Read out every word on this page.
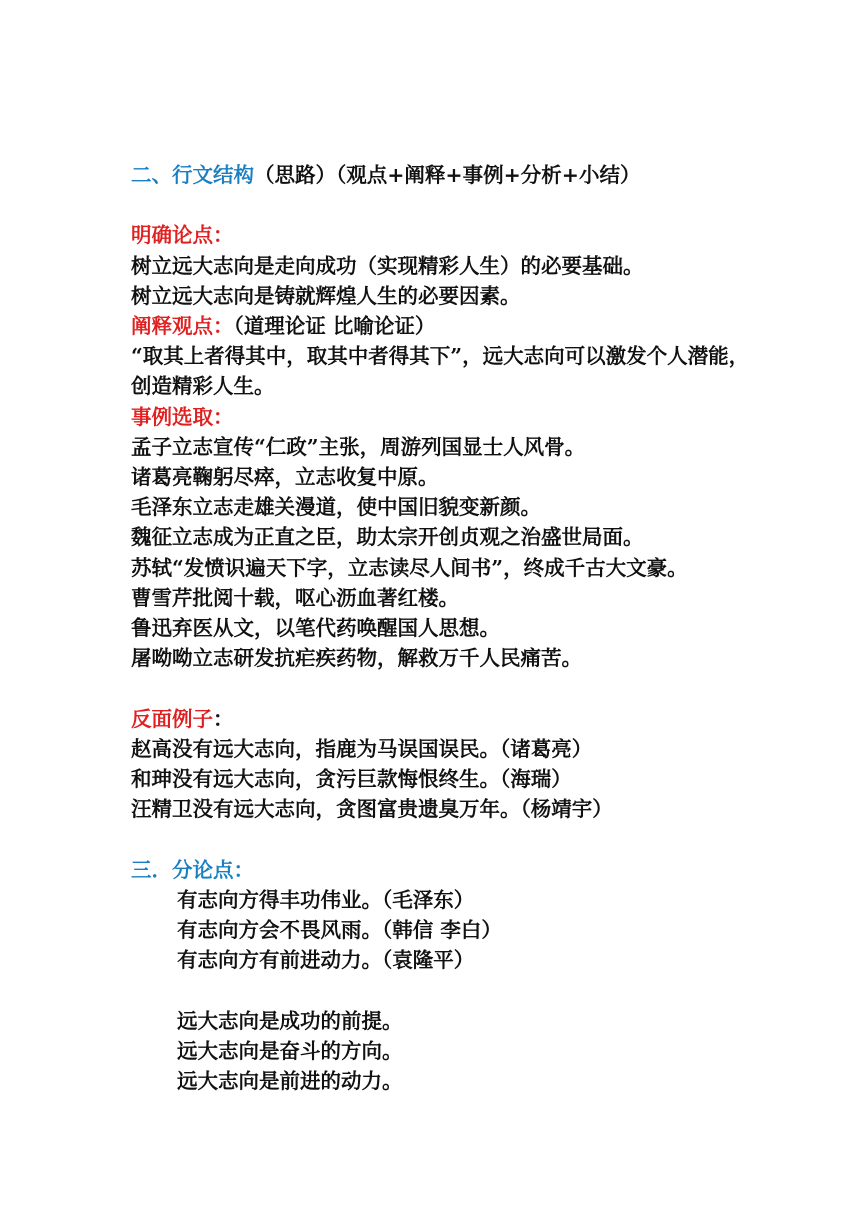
二、行文结构（思路）（观点+阐释+事例+分析+小结）
明确论点：
树立远大志向是走向成功（实现精彩人生）的必要基础。
树立远大志向是铸就辉煌人生的必要因素。
阐释观点：（道理论证 比喻论证）
“取其上者得其中，取其中者得其下”，远大志向可以激发个人潜能，创造精彩人生。
事例选取：
孟子立志宣传“仁政”主张，周游列国显士人风骨。
诸葛亮鞠躬尽瘁，立志收复中原。
毛泽东立志走雄关漫道，使中国旧貌变新颜。
魏征立志成为正直之臣，助太宗开创贞观之治盛世局面。
苏轼“发愤识遍天下字，立志读尽人间书”，终成千古大文豪。
曹雪芹批阅十载，呕心沥血著红楼。
鲁迅弃医从文，以笔代药唤醒国人思想。
屠呦呦立志研发抗疟疾药物，解救万千人民痛苦。
反面例子：
赵高没有远大志向，指鹿为马误国误民。（诸葛亮）
和珅没有远大志向，贪污巨款悔恨终生。（海瑞）
汪精卫没有远大志向，贪图富贵遗臭万年。（杨靖宇）
三．分论点：
有志向方得丰功伟业。（毛泽东）
有志向方会不畏风雨。（韩信 李白）
有志向方有前进动力。（袁隆平）
远大志向是成功的前提。
远大志向是奋斗的方向。
远大志向是前进的动力。
